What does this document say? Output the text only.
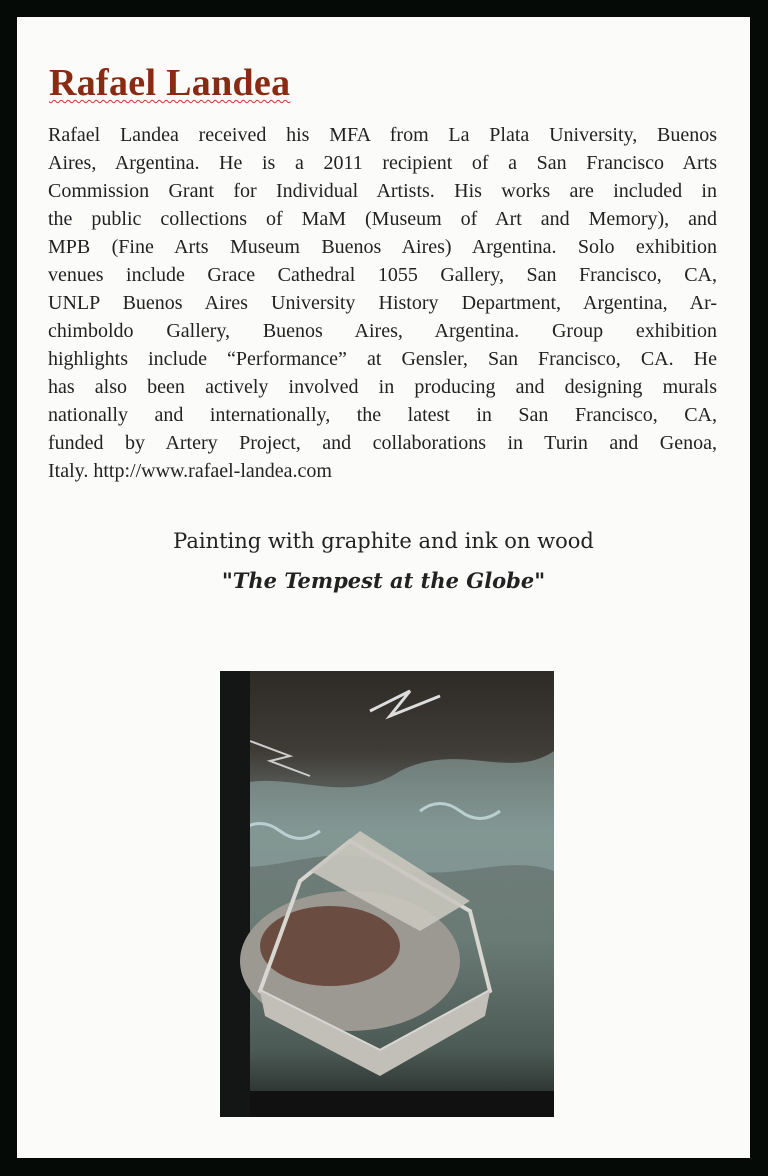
Rafael Landea
Rafael Landea received his MFA from La Plata University, Buenos
Aires, Argentina. He is a 2011 recipient of a San Francisco Arts
Commission Grant for Individual Artists. His works are included in
the public collections of MaM (Museum of Art and Memory), and
MPB (Fine Arts Museum Buenos Aires) Argentina. Solo exhibition
venues include Grace Cathedral 1055 Gallery, San Francisco, CA,
UNLP Buenos Aires University History Department, Argentina, Ar-
chimboldo Gallery, Buenos Aires, Argentina. Group exhibition
highlights include “Performance” at Gensler, San Francisco, CA. He
has also been actively involved in producing and designing murals
nationally and internationally, the latest in San Francisco, CA,
funded by Artery Project, and collaborations in Turin and Genoa,
Italy. http://www.rafael-landea.com
Painting with graphite and ink on wood
"The Tempest at the Globe"
